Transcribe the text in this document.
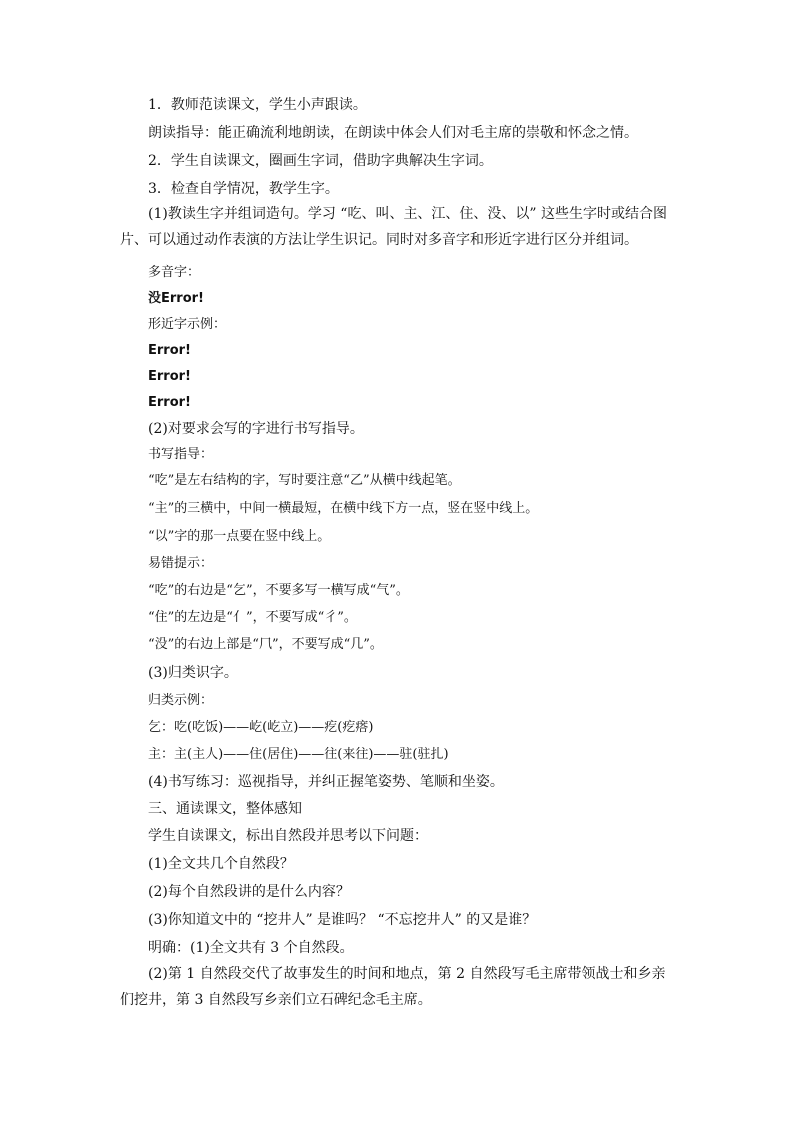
1．教师范读课文，学生小声跟读。
朗读指导：能正确流利地朗读，在朗读中体会人们对毛主席的崇敬和怀念之情。
2．学生自读课文，圈画生字词，借助字典解决生字词。
3．检查自学情况，教学生字。
(1)教读生字并组词造句。学习 “吃、叫、主、江、住、没、以” 这些生字时或结合图片、可以通过动作表演的方法让学生识记。同时对多音字和形近字进行区分并组词。
多音字：
没Error!
形近字示例：
Error!
Error!
Error!
(2)对要求会写的字进行书写指导。
书写指导：
“吃”是左右结构的字，写时要注意“乙”从横中线起笔。
“主”的三横中，中间一横最短，在横中线下方一点，竖在竖中线上。
“以”字的那一点要在竖中线上。
易错提示：
“吃”的右边是“乞”，不要多写一横写成“气”。
“住”的左边是“亻”，不要写成“彳”。
“没”的右边上部是“⺇”，不要写成“几”。
(3)归类识字。
归类示例：
乞：吃(吃饭)——屹(屹立)——疙(疙瘩)
主：主(主人)——住(居住)——往(来往)——驻(驻扎)
(4)书写练习：巡视指导，并纠正握笔姿势、笔顺和坐姿。
三、通读课文，整体感知
学生自读课文，标出自然段并思考以下问题：
(1)全文共几个自然段？
(2)每个自然段讲的是什么内容？
(3)你知道文中的 “挖井人” 是谁吗？ “不忘挖井人” 的又是谁？
明确：(1)全文共有 3 个自然段。
(2)第 1 自然段交代了故事发生的时间和地点，第 2 自然段写毛主席带领战士和乡亲们挖井，第 3 自然段写乡亲们立石碑纪念毛主席。
